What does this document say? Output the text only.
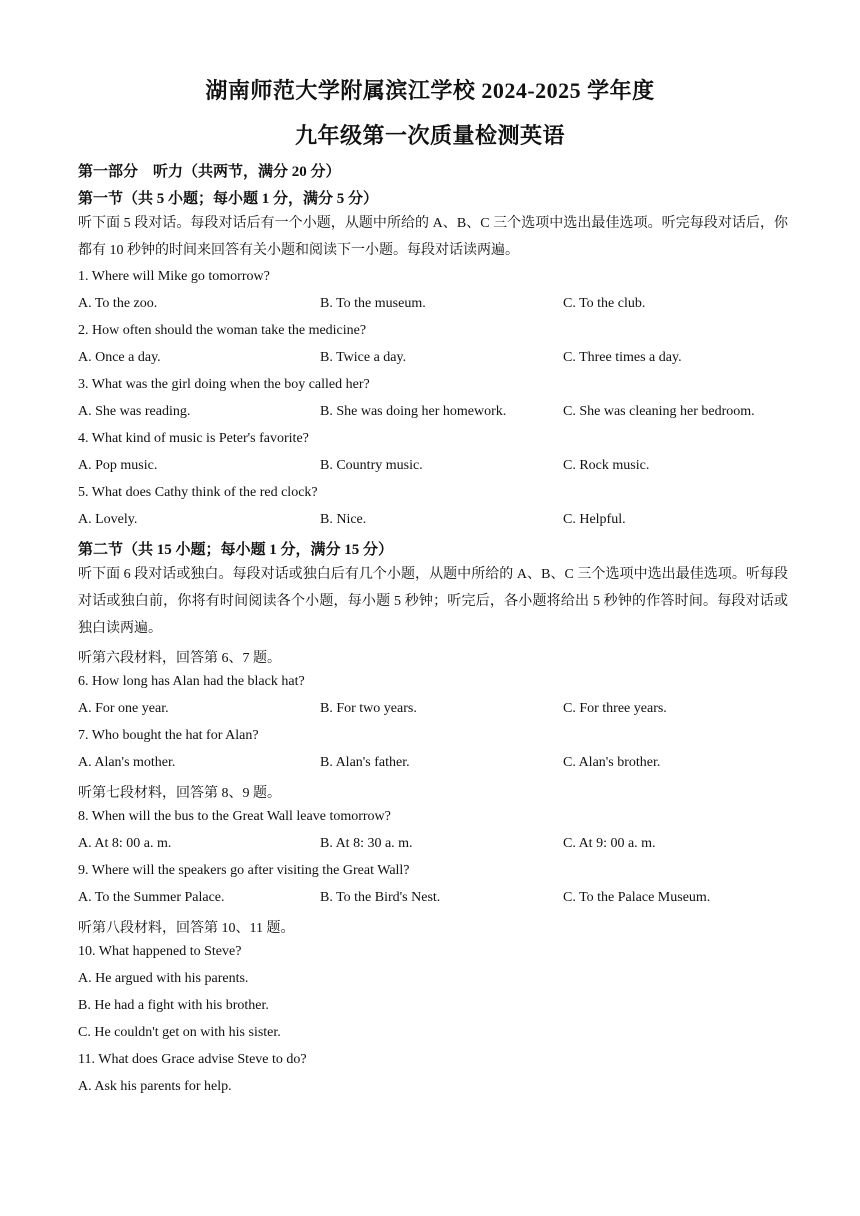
湖南师范大学附属滨江学校 2024-2025 学年度
九年级第一次质量检测英语
第一部分　听力（共两节，满分 20 分）
第一节（共 5 小题；每小题 1 分，满分 5 分）
听下面 5 段对话。每段对话后有一个小题，从题中所给的 A、B、C 三个选项中选出最佳选项。听完每段对话后，你都有 10 秒钟的时间来回答有关小题和阅读下一小题。每段对话读两遍。
1. Where will Mike go tomorrow?
A. To the zoo.	B. To the museum.	C. To the club.
2. How often should the woman take the medicine?
A. Once a day.	B. Twice a day.	C. Three times a day.
3. What was the girl doing when the boy called her?
A. She was reading.	B. She was doing her homework.	C. She was cleaning her bedroom.
4. What kind of music is Peter's favorite?
A. Pop music.	B. Country music.	C. Rock music.
5. What does Cathy think of the red clock?
A. Lovely.	B. Nice.	C. Helpful.
第二节（共 15 小题；每小题 1 分，满分 15 分）
听下面 6 段对话或独白。每段对话或独白后有几个小题，从题中所给的 A、B、C 三个选项中选出最佳选项。听每段对话或独白前，你将有时间阅读各个小题，每小题 5 秒钟；听完后，各小题将给出 5 秒钟的作答时间。每段对话或独白读两遍。
听第六段材料，回答第 6、7 题。
6. How long has Alan had the black hat?
A. For one year.	B. For two years.	C. For three years.
7. Who bought the hat for Alan?
A. Alan's mother.	B. Alan's father.	C. Alan's brother.
听第七段材料，回答第 8、9 题。
8. When will the bus to the Great Wall leave tomorrow?
A. At 8: 00 a. m.	B. At 8: 30 a. m.	C. At 9: 00 a. m.
9. Where will the speakers go after visiting the Great Wall?
A. To the Summer Palace.	B. To the Bird's Nest.	C. To the Palace Museum.
听第八段材料，回答第 10、11 题。
10. What happened to Steve?
A. He argued with his parents.
B. He had a fight with his brother.
C. He couldn't get on with his sister.
11. What does Grace advise Steve to do?
A. Ask his parents for help.
